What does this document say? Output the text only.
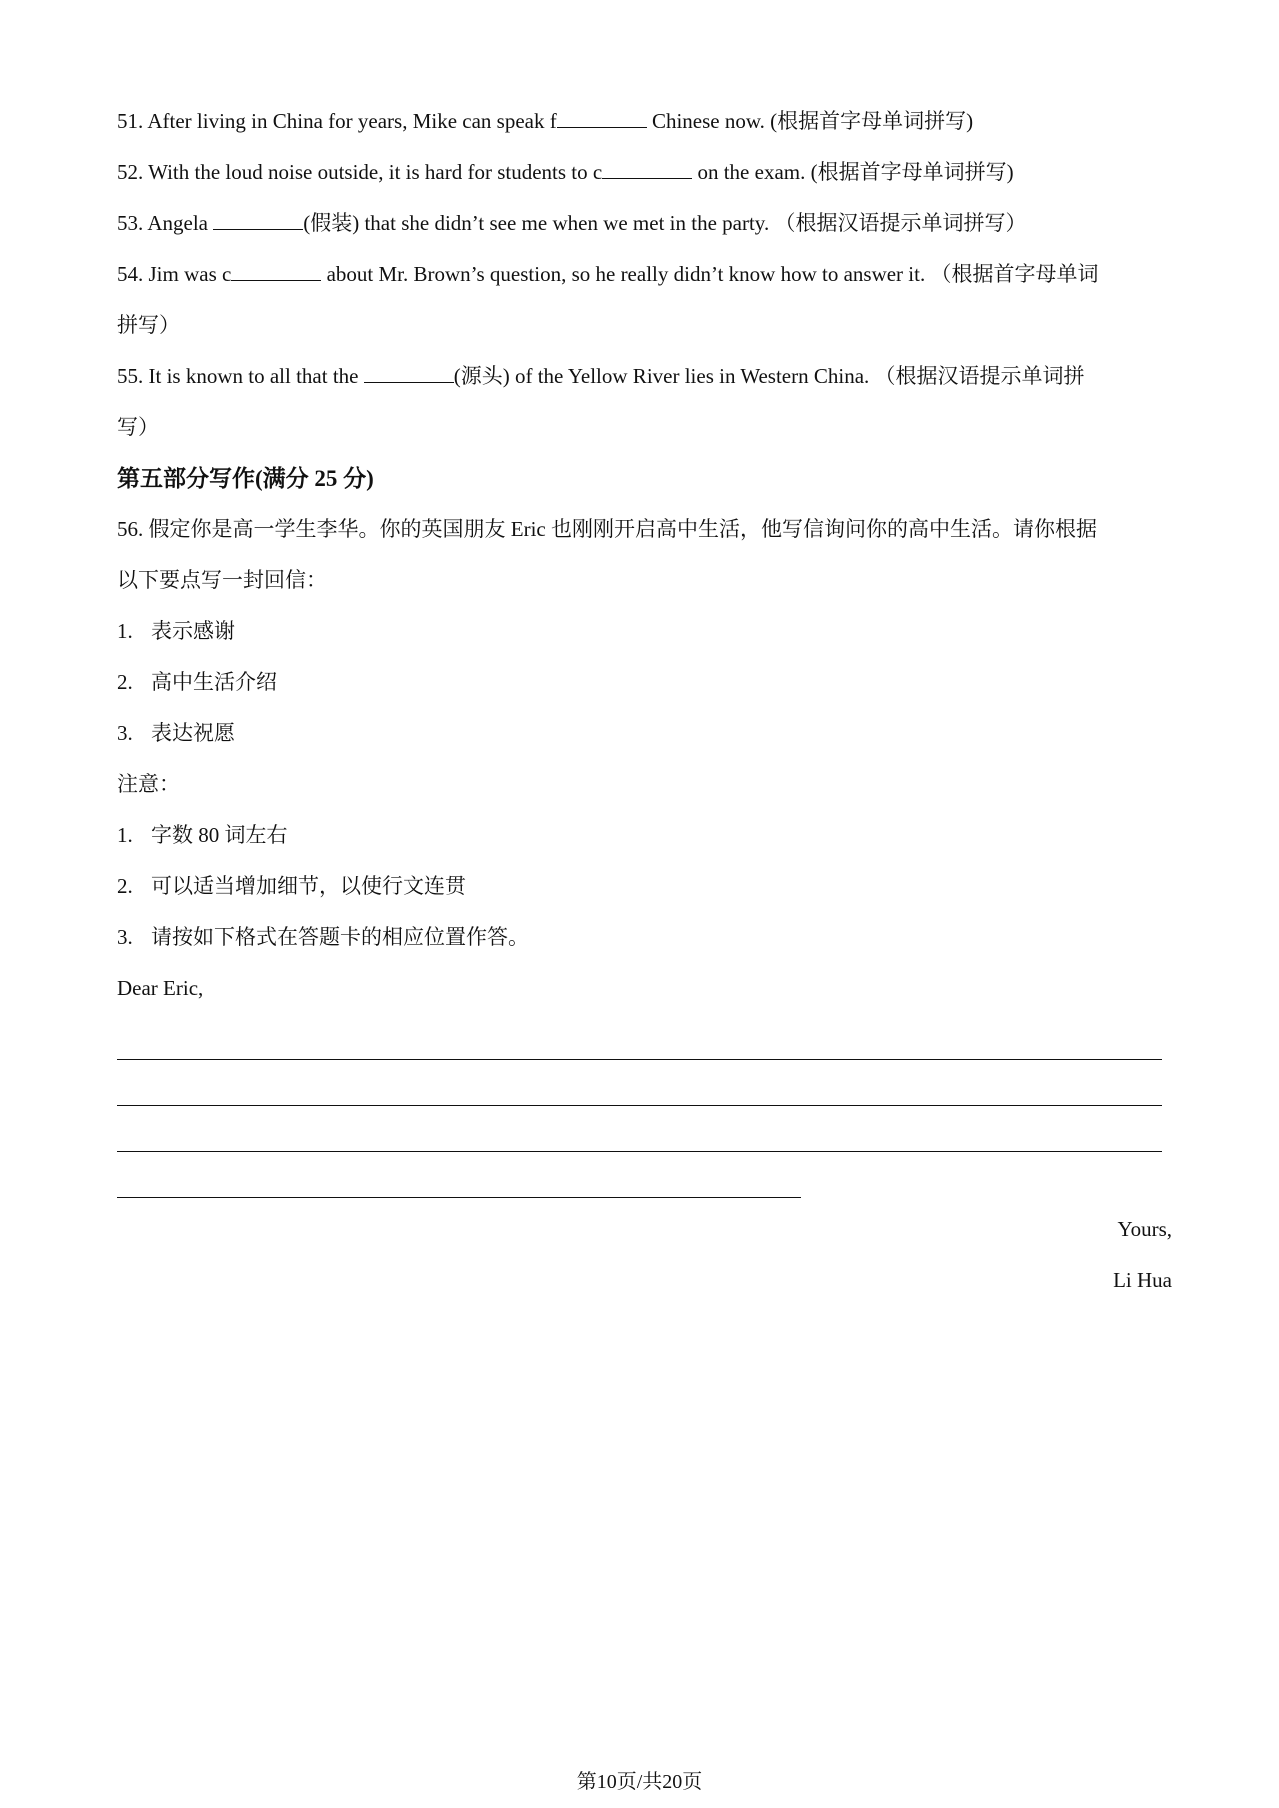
51. After living in China for years, Mike can speak f	Chinese now. (根据首字母单词拼写)
52. With the loud noise outside, it is hard for students to c	on the exam. (根据首字母单词拼写)
53. Angela	(假装) that she didn’t see me when we met in the party. （根据汉语提示单词拼写）
54. Jim was c	about Mr. Brown’s question, so he really didn’t know how to answer it. （根据首字母单词
拼写）
55. It is known to all that the	(源头) of the Yellow River lies in Western China. （根据汉语提示单词拼
写）
第五部分写作(满分 25 分)
56. 假定你是高一学生李华。你的英国朋友 Eric 也刚刚开启高中生活，他写信询问你的高中生活。请你根据
以下要点写一封回信：
1. 表示感谢
2. 高中生活介绍
3. 表达祝愿
注意：
1. 字数 80 词左右
2. 可以适当增加细节，以使行文连贯
3. 请按如下格式在答题卡的相应位置作答。
Dear Eric,
Yours,
Li Hua
第10页/共20页
